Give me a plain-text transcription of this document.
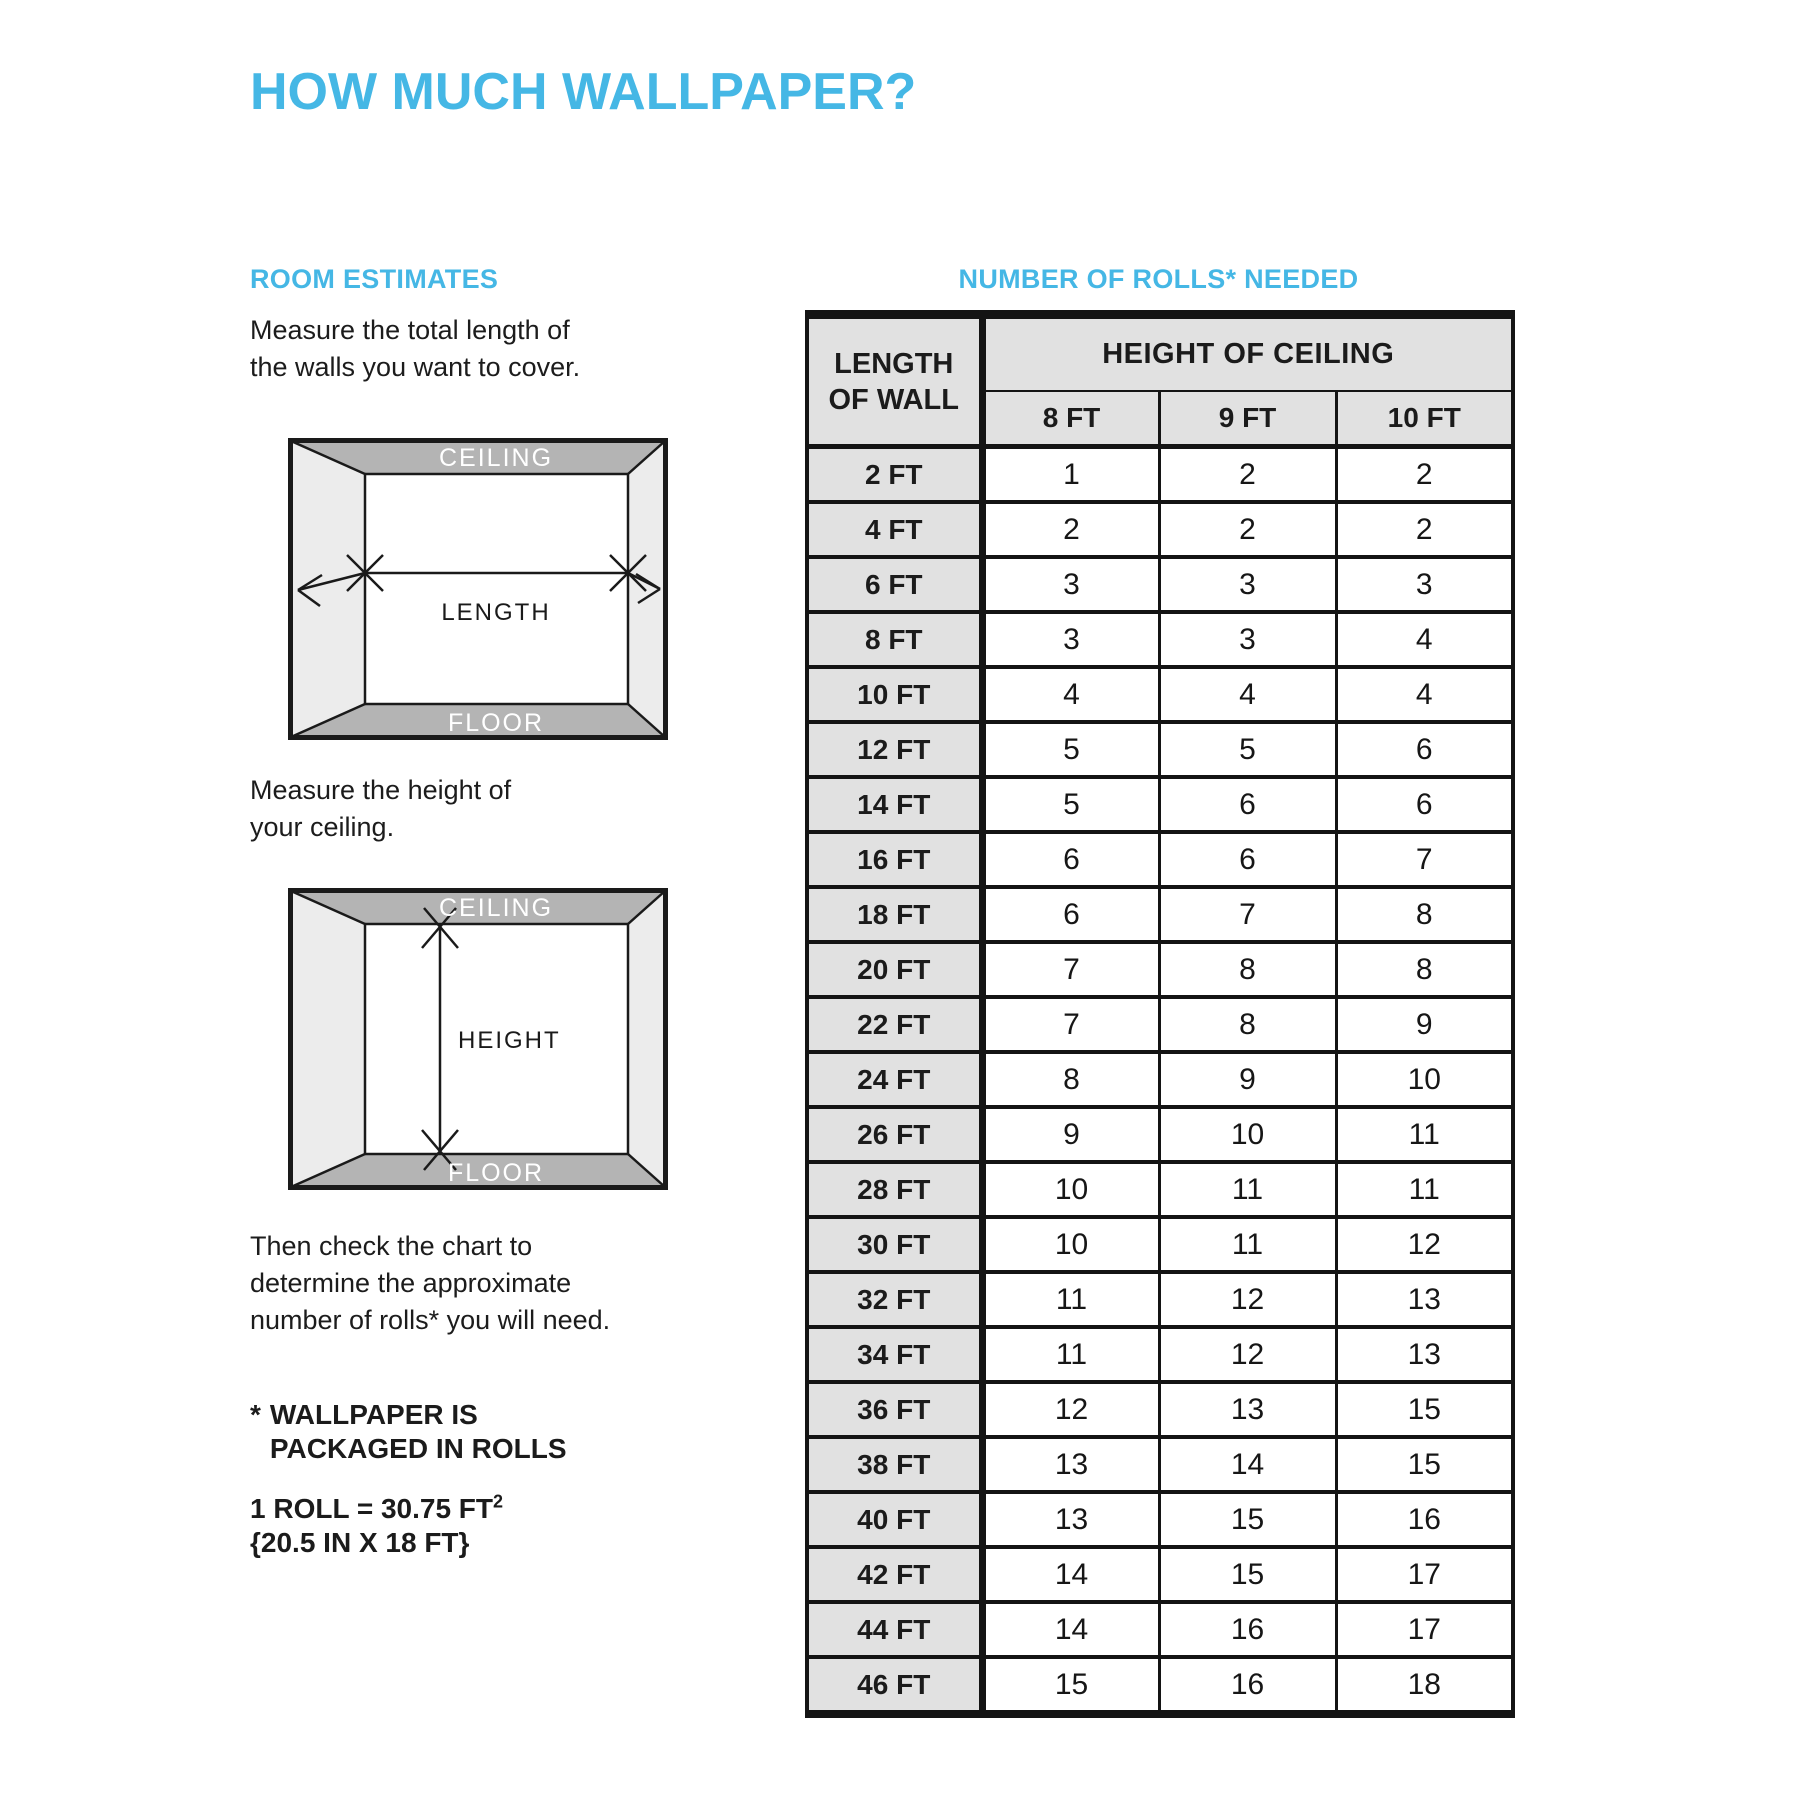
HOW MUCH WALLPAPER?
ROOM ESTIMATES
Measure the total length of
the walls you want to cover.
CEILING
FLOOR
LENGTH
Measure the height of
your ceiling.
CEILING
FLOOR
HEIGHT
Then check the chart to
determine the approximate
number of rolls* you will need.
* WALLPAPER IS
PACKAGED IN ROLLS
1 ROLL = 30.75 $FT^2$
{20.5 IN X 18 FT}
NUMBER OF ROLLS* NEEDED
LENGTH
OF WALL	HEIGHT OF CEILING		
	8 FT	9 FT	10 FT
2 FT	1	2	2
4 FT	2	2	2
6 FT	3	3	3
8 FT	3	3	4
10 FT	4	4	4
12 FT	5	5	6
14 FT	5	6	6
16 FT	6	6	7
18 FT	6	7	8
20 FT	7	8	8
22 FT	7	8	9
24 FT	8	9	10
26 FT	9	10	11
28 FT	10	11	11
30 FT	10	11	12
32 FT	11	12	13
34 FT	11	12	13
36 FT	12	13	15
38 FT	13	14	15
40 FT	13	15	16
42 FT	14	15	17
44 FT	14	16	17
46 FT	15	16	18
